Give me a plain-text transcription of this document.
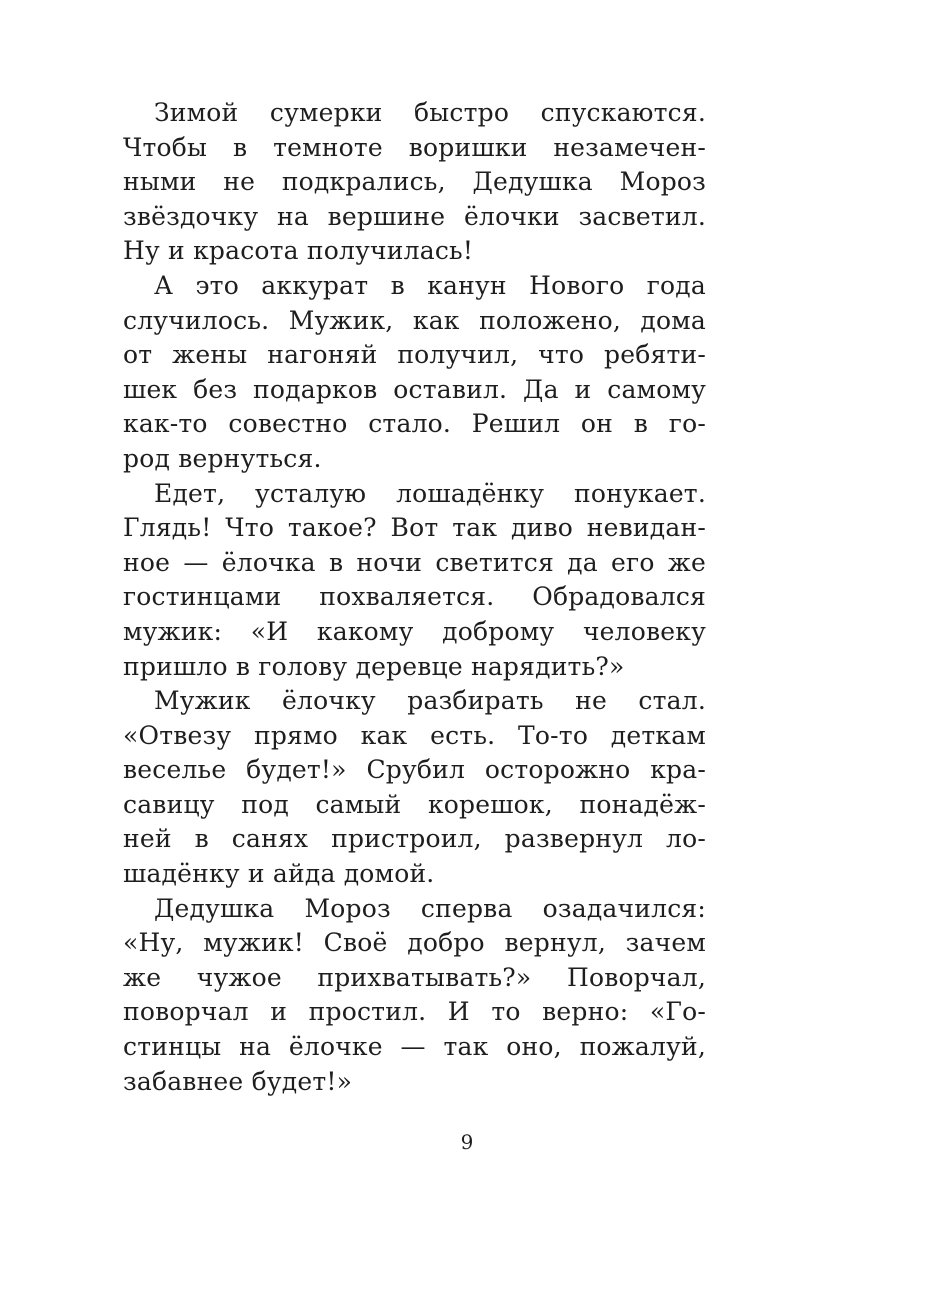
Зимой сумерки быстро спускаются.
Чтобы в темноте воришки незамечен-
ными не подкрались, Дедушка Мороз
звёздочку на вершине ёлочки засветил.
Ну и красота получилась!
А это аккурат в канун Нового года
случилось. Мужик, как положено, дома
от жены нагоняй получил, что ребяти-
шек без подарков оставил. Да и самому
как-то совестно стало. Решил он в го-
род вернуться.
Едет, усталую лошадёнку понукает.
Глядь! Что такое? Вот так диво невидан-
ное — ёлочка в ночи светится да его же
гостинцами похваляется. Обрадовался
мужик: «И какому доброму человеку
пришло в голову деревце нарядить?»
Мужик ёлочку разбирать не стал.
«Отвезу прямо как есть. То-то деткам
веселье будет!» Срубил осторожно кра-
савицу под самый корешок, понадёж-
ней в санях пристроил, развернул ло-
шадёнку и айда домой.
Дедушка Мороз сперва озадачился:
«Ну, мужик! Своё добро вернул, зачем
же чужое прихватывать?» Поворчал,
поворчал и простил. И то верно: «Го-
стинцы на ёлочке — так оно, пожалуй,
забавнее будет!»
9
